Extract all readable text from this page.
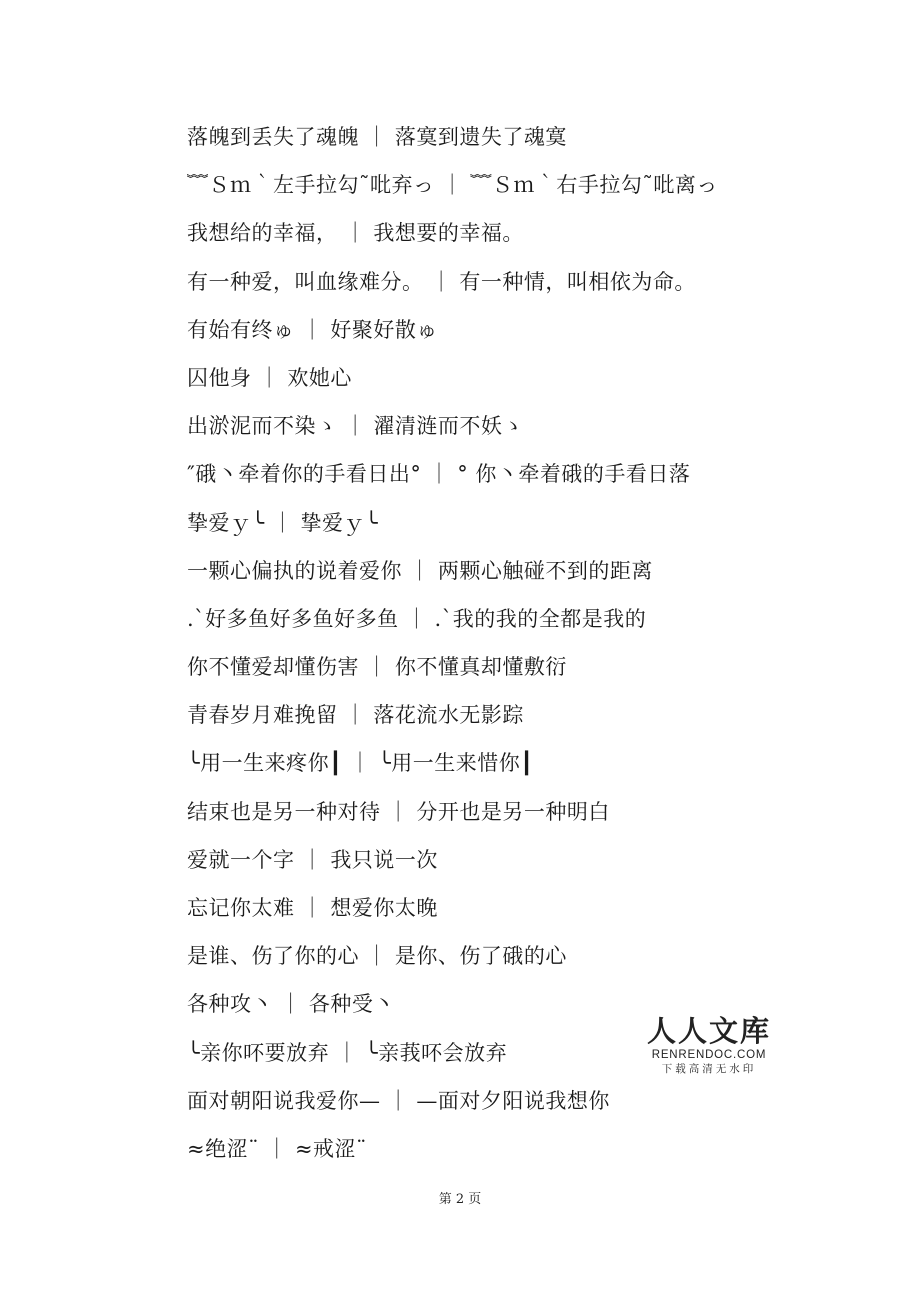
落魄到丢失了魂魄 ｜ 落寞到遗失了魂寞
﹌Ｓｍ｀左手拉勾˜吡弃っ ｜ ﹌Ｓｍ｀右手拉勾˜吡离っ
我想给的幸福， ｜ 我想要的幸福。
有一种爱，叫血缘难分。 ｜ 有一种情，叫相依为命。
有始有终ゅ ｜ 好聚好散ゅ
囚他身 ｜ 欢她心
出淤泥而不染ゝ ｜ 濯清涟而不妖ゝ
″硪丶牵着你的手看日出° ｜ ° 你丶牵着硪的手看日落
挚爱ｙ╰ ｜ 挚爱ｙ╰
一颗心偏执的说着爱你 ｜ 两颗心触碰不到的距离
.`好多鱼好多鱼好多鱼 ｜ .`我的我的全都是我的
你不懂爱却懂伤害 ｜ 你不懂真却懂敷衍
青春岁月难挽留 ｜ 落花流水无影踪
╰用一生来疼你┃ ｜ ╰用一生来惜你┃
结束也是另一种对待 ｜ 分开也是另一种明白
爱就一个字 ｜ 我只说一次
忘记你太难 ｜ 想爱你太晚
是谁、伤了你的心 ｜ 是你、伤了硪的心
各种攻丶 ｜ 各种受丶
╰亲你吥要放弃 ｜ ╰亲莪吥会放弃
面对朝阳说我爱你— ｜ —面对夕阳说我想你
≈绝涩¨ ｜ ≈戒涩¨
人人文库
RENRENDOC.COM
下载高清无水印
第 2 页
